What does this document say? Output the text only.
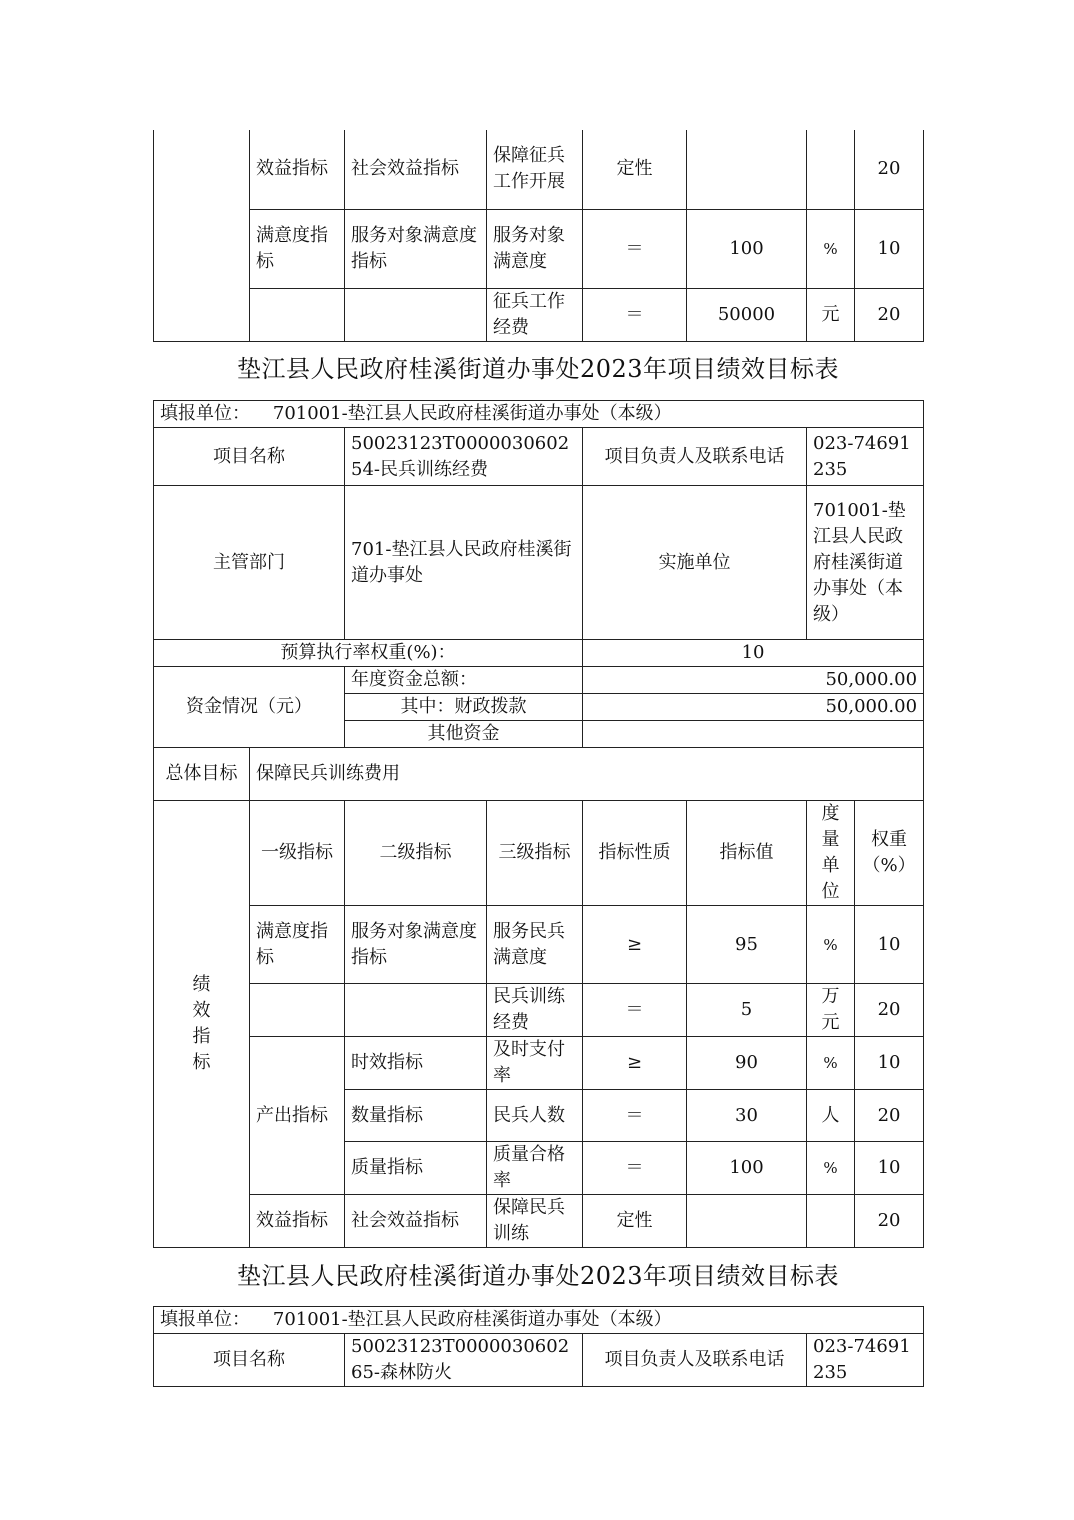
	效益指标	社会效益指标	保障征兵工作开展	定性			20
	满意度指标	服务对象满意度指标	服务对象满意度	＝	100	%	10
			征兵工作经费	＝	50000	元	20
垫江县人民政府桂溪街道办事处2023年项目绩效目标表
填报单位： 701001-垫江县人民政府桂溪街道办事处（本级）							
项目名称		50023123T000003060254-民兵训练经费		项目负责人及联系电话		023-74691235	
主管部门		701-垫江县人民政府桂溪街道办事处		实施单位		701001-垫江县人民政府桂溪街道办事处（本级）	
预算执行率权重(%)：				10			
资金情况（元）		年度资金总额：		50,000.00			
		其中：财政拨款		50,000.00			
		其他资金					
总体目标	保障民兵训练费用						

绩效指标	一级指标	二级指标	三级指标	指标性质	指标值	度量单位	权重（%）
	满意度指标	服务对象满意度指标	服务民兵满意度	≥	95	%	10
			民兵训练经费	＝	5	万元	20
	产出指标	时效指标	及时支付率	≥	90	%	10
		数量指标	民兵人数	＝	30	人	20
		质量指标	质量合格率	＝	100	%	10
	效益指标	社会效益指标	保障民兵训练	定性			20
垫江县人民政府桂溪街道办事处2023年项目绩效目标表
填报单位： 701001-垫江县人民政府桂溪街道办事处（本级）
项目名称	50023123T000003060265-森林防火	项目负责人及联系电话	023-74691235
